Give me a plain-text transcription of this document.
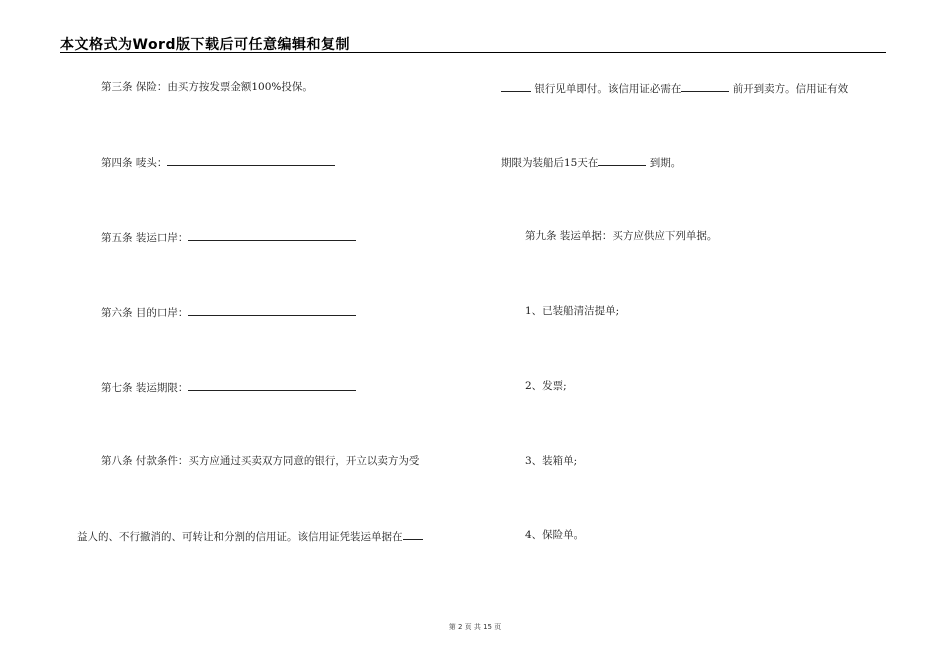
本文格式为Word版下载后可任意编辑和复制
第三条 保险：由买方按发票金额100%投保。
第四条 唛头：
第五条 装运口岸：
第六条 目的口岸：
第七条 装运期限：
第八条 付款条件：买方应通过买卖双方同意的银行，开立以卖方为受
益人的、不行撤消的、可转让和分割的信用证。该信用证凭装运单据在
银行见单即付。该信用证必需在	前开到卖方。信用证有效
期限为装船后15天在	到期。
第九条 装运单据：买方应供应下列单据。
1、已装船清洁提单;
2、发票;
3、装箱单;
4、保险单。
第 2 页 共 15 页
